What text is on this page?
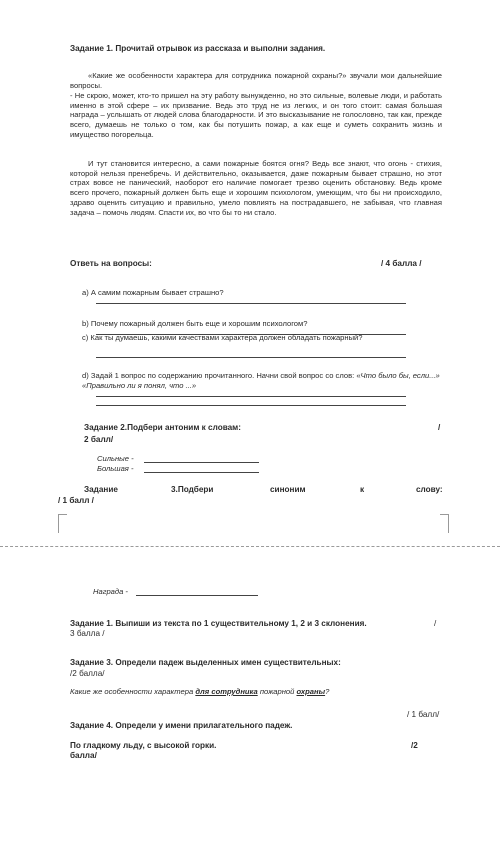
Задание 1. Прочитай отрывок из рассказа и выполни задания.
«Какие же особенности характера для сотрудника пожарной охраны?» звучали мои дальнейшие вопросы.
- Не скрою, может, кто-то пришел на эту работу вынужденно, но это сильные, волевые люди, и работать именно в этой сфере – их призвание. Ведь это труд не из легких, и он того стоит: самая большая награда – услышать от людей слова благодарности. И это высказывание не голословно, так как, прежде всего, думаешь не только о том, как бы потушить пожар, а как еще и суметь сохранить жизнь и имущество погорельца.
И тут становится интересно, а сами пожарные боятся огня? Ведь все знают, что огонь - стихия, которой нельзя пренебречь. И действительно, оказывается, даже пожарным бывает страшно, но этот страх вовсе не панический, наоборот его наличие помогает трезво оценить обстановку. Ведь кроме всего прочего, пожарный должен быть еще и хорошим психологом, умеющим, что бы ни происходило, здраво оценить ситуацию и правильно, умело повлиять на пострадавшего, не забывая, что главная задача – помочь людям. Спасти их, во что бы то ни стало.
Ответь на вопросы:	/ 4 балла /
a) А самим пожарным бывает страшно?
b) Почему пожарный должен быть еще и хорошим психологом?
c) Как ты думаешь, какими качествами характера должен обладать пожарный?
d) Задай 1 вопрос по содержанию прочитанного. Начни свой вопрос со слов: «Что было бы, если...» «Правильно ли я понял, что ...»
Задание 2.Подбери антоним к словам:	/
2 балл/
Сильные -
Большая -
Задание	3.Подбери	синоним	к	слову:
/ 1 балл /
Награда -
Задание 1. Выпиши из текста по 1 существительному 1, 2 и 3 склонения.	/
3 балла /
Задание 3. Определи падеж выделенных имен существительных:
/2 балла/
Какие же особенности характера для сотрудника пожарной охраны?
/ 1 балл/
Задание 4. Определи у имени прилагательного падеж.
По гладкому льду, с высокой горки.	/2
балла/
